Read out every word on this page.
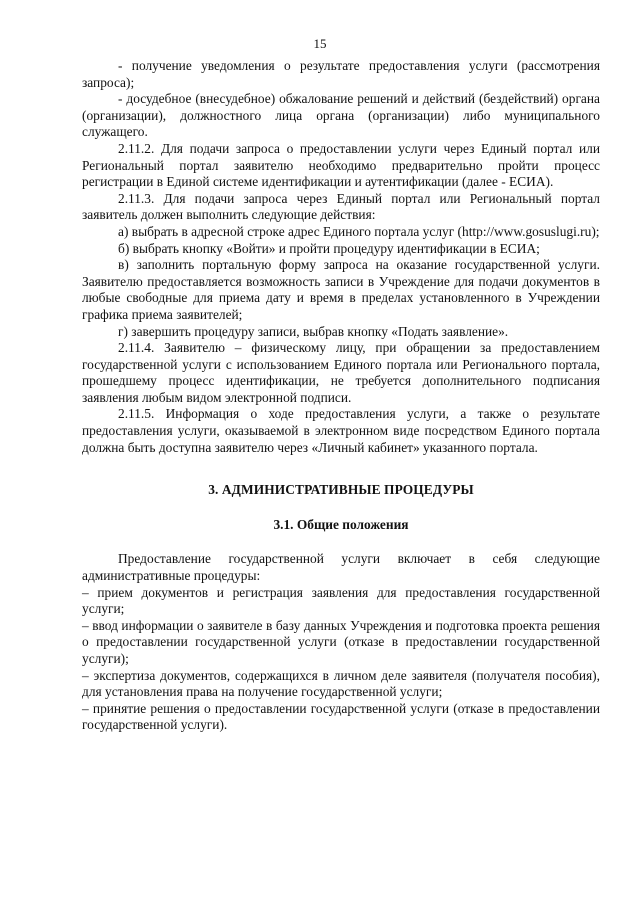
15

- получение уведомления о результате предоставления услуги (рассмотрения запроса);

- досудебное (внесудебное) обжалование решений и действий (бездействий) органа (организации), должностного лица органа (организации) либо муниципального служащего.

2.11.2. Для подачи запроса о предоставлении услуги через Единый портал или Региональный портал заявителю необходимо предварительно пройти процесс регистрации в Единой системе идентификации и аутентификации (далее - ЕСИА).

2.11.3. Для подачи запроса через Единый портал или Региональный портал заявитель должен выполнить следующие действия:

а) выбрать в адресной строке адрес Единого портала услуг (http://www.gosuslugi.ru);

б) выбрать кнопку «Войти» и пройти процедуру идентификации в ЕСИА;

в) заполнить портальную форму запроса на оказание государственной услуги. Заявителю предоставляется возможность записи в Учреждение для подачи документов в любые свободные для приема дату и время в пределах установленного в Учреждении графика приема заявителей;

г) завершить процедуру записи, выбрав кнопку «Подать заявление».

2.11.4. Заявителю – физическому лицу, при обращении за предоставлением государственной услуги с использованием Единого портала или Регионального портала, прошедшему процесс идентификации, не требуется дополнительного подписания заявления любым видом электронной подписи.

2.11.5. Информация о ходе предоставления услуги, а также о результате предоставления услуги, оказываемой в электронном виде посредством Единого портала должна быть доступна заявителю через «Личный кабинет» указанного портала.

3. АДМИНИСТРАТИВНЫЕ ПРОЦЕДУРЫ

3.1. Общие положения

Предоставление государственной услуги включает в себя следующие административные процедуры:

– прием документов и регистрация заявления для предоставления государственной услуги;

– ввод информации о заявителе в базу данных Учреждения и подготовка проекта решения о предоставлении государственной услуги (отказе в предоставлении государственной услуги);

– экспертиза документов, содержащихся в личном деле заявителя (получателя пособия), для установления права на получение государственной услуги;

– принятие решения о предоставлении государственной услуги (отказе в предоставлении государственной услуги).
